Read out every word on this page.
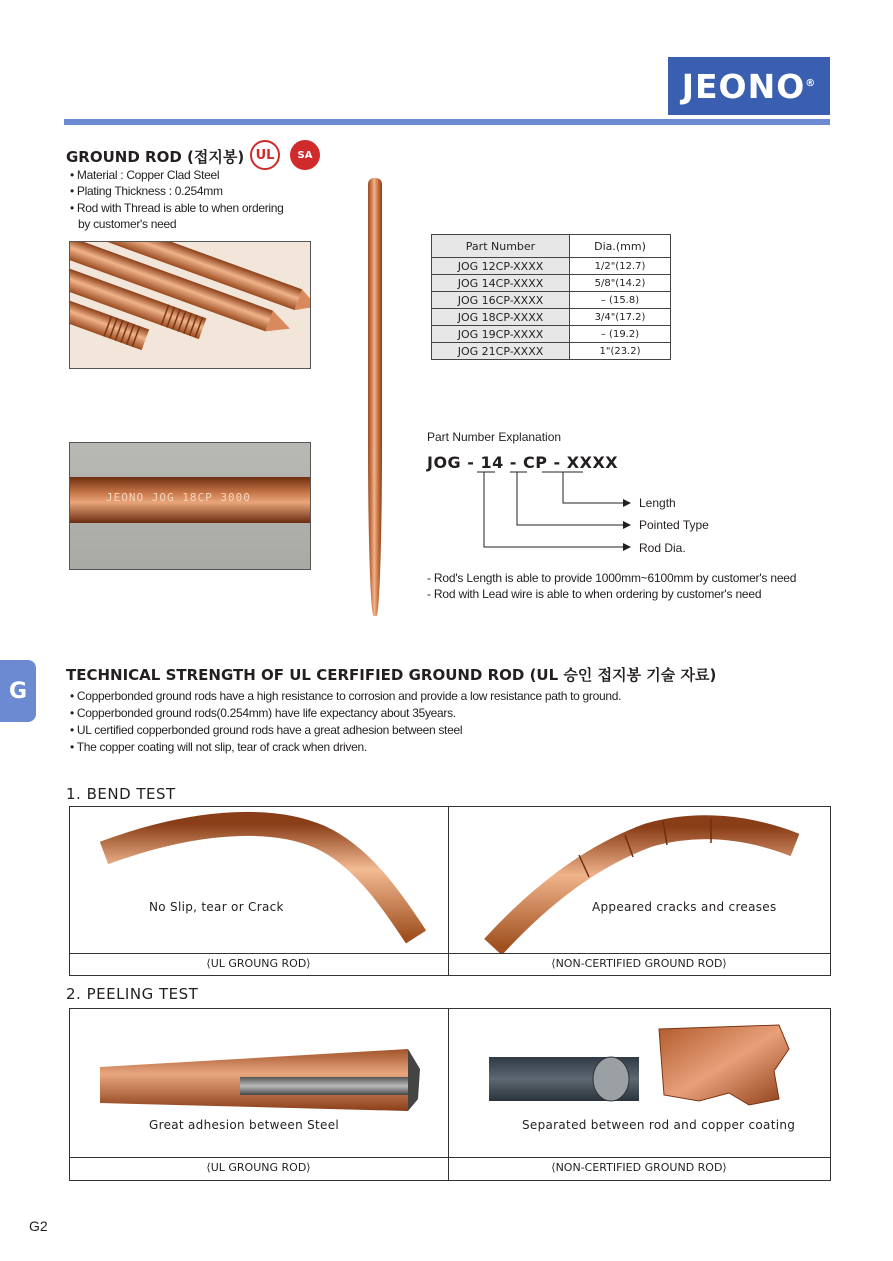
JEONO®
GROUND ROD (접지봉) UL	SA
• Material : Copper Clad Steel
• Plating Thickness : 0.254mm
• Rod with Thread is able to when ordering
by customer's need
JEONO JOG 18CP 3000
Part Number	Dia.(mm)
JOG 12CP-XXXX	1/2"(12.7)
JOG 14CP-XXXX	5/8"(14.2)
JOG 16CP-XXXX	– (15.8)
JOG 18CP-XXXX	3/4"(17.2)
JOG 19CP-XXXX	– (19.2)
JOG 21CP-XXXX	1"(23.2)
Part Number Explanation
JOG - 14 - CP - XXXX
Length
Pointed Type
Rod Dia.
- Rod's Length is able to provide 1000mm~6100mm by customer's need
- Rod with Lead wire is able to when ordering by customer's need
G
TECHNICAL STRENGTH OF UL CERFIFIED GROUND ROD (UL 승인 접지봉 기술 자료)
• Copperbonded ground rods have a high resistance to corrosion and provide a low resistance path to ground.
• Copperbonded ground rods(0.254mm) have life expectancy about 35years.
• UL certified copperbonded ground rods have a great adhesion between steel
• The copper coating will not slip, tear of crack when driven.
1. BEND TEST
No Slip, tear or Crack	Appeared cracks and creases
⟨UL GROUNG ROD⟩	⟨NON-CERTIFIED GROUND ROD⟩
2. PEELING TEST
Great adhesion between Steel	Separated between rod and copper coating
⟨UL GROUNG ROD⟩	⟨NON-CERTIFIED GROUND ROD⟩
G2
